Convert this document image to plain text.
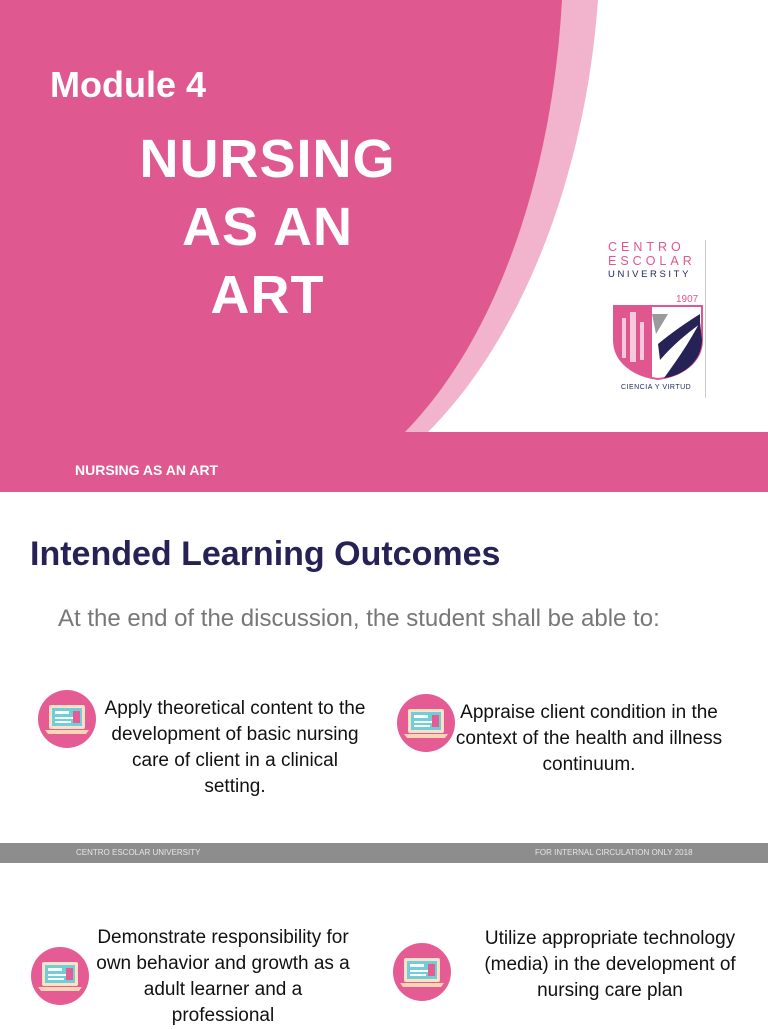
Module 4

NURSING
AS AN
ART

NURSING AS AN ART

CENTRO
ESCOLAR
UNIVERSITY
1907
CIENCIA Y VIRTUD
Intended Learning Outcomes

At the end of the discussion, the student shall be able to:

Apply theoretical content to the development of basic nursing care of client in a clinical setting.

Appraise client condition in the context of the health and illness continuum.

CENTRO ESCOLAR UNIVERSITY	FOR INTERNAL CIRCULATION ONLY 2018

Demonstrate responsibility for own behavior and growth as a adult learner and a professional

Utilize appropriate technology (media) in the development of nursing care plan
